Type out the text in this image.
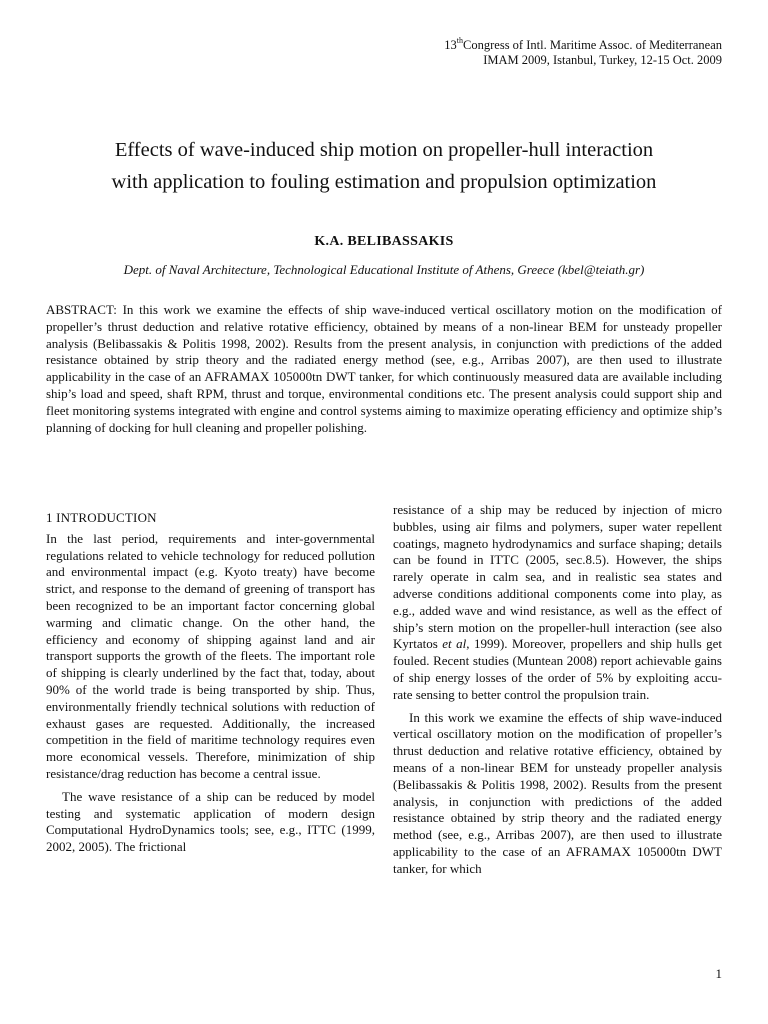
13thCongress of Intl. Maritime Assoc. of Mediterranean
IMAM 2009, Istanbul, Turkey, 12-15 Oct. 2009
Effects of wave-induced ship motion on propeller-hull interaction
with application to fouling estimation and propulsion optimization
K.A. BELIBASSAKIS
Dept. of Naval Architecture, Technological Educational Institute of Athens, Greece (kbel@teiath.gr)

ABSTRACT: In this work we examine the effects of ship wave-induced vertical oscillatory motion on the modification of propeller’s thrust deduction and relative rotative efficiency, obtained by means of a non-linear BEM for unsteady propeller analysis (Belibassakis & Politis 1998, 2002). Results from the present analysis, in conjunction with predictions of the added resistance obtained by strip theory and the radiated energy method (see, e.g., Arribas 2007), are then used to illustrate applicability in the case of an AFRAMAX 105000tn DWT tanker, for which continuously measured data are available including ship’s load and speed, shaft RPM, thrust and torque, environmental conditions etc. The present analysis could support ship and fleet monitoring systems integrated with engine and control systems aiming to maximize operating efficiency and optimize ship’s planning of docking for hull cleaning and propeller polishing.

1 INTRODUCTION

In the last period, requirements and inter-governmental regulations related to vehicle technology for reduced pollution and environmental impact (e.g. Kyoto treaty) have become strict, and response to the demand of greening of transport has been recognized to be an important factor concerning global warming and climatic change. On the other hand, the efficiency and economy of shipping against land and air transport supports the growth of the fleets. The important role of shipping is clearly underlined by the fact that, today, about 90% of the world trade is being transported by ship. Thus, environmentally friendly technical solutions with reduction of exhaust gases are requested. Additionally, the increased competition in the field of maritime technology requires even more economical vessels. Therefore, minimization of ship resistance/drag reduction has become a central issue.

The wave resistance of a ship can be reduced by model testing and systematic application of modern design Computational HydroDynamics tools; see, e.g., ITTC (1999, 2002, 2005). The frictional

resistance of a ship may be reduced by injection of micro bubbles, using air films and polymers, super water repellent coatings, magneto hydrodynamics and surface shaping; details can be found in ITTC (2005, sec.8.5). However, the ships rarely operate in calm sea, and in realistic sea states and adverse conditions additional components come into play, as e.g., added wave and wind resistance, as well as the effect of ship’s stern motion on the propeller-hull interaction (see also Kyrtatos et al, 1999). Moreover, propellers and ship hulls get fouled. Recent studies (Muntean 2008) report achievable gains of ship energy losses of the order of 5% by exploiting accu-rate sensing to better control the propulsion train.

In this work we examine the effects of ship wave-induced vertical oscillatory motion on the modification of propeller’s thrust deduction and relative rotative efficiency, obtained by means of a non-linear BEM for unsteady propeller analysis (Belibassakis & Politis 1998, 2002). Results from the present analysis, in conjunction with predictions of the added resistance obtained by strip theory and the radiated energy method (see, e.g., Arribas 2007), are then used to illustrate applicability to the case of an AFRAMAX 105000tn DWT tanker, for which

1
